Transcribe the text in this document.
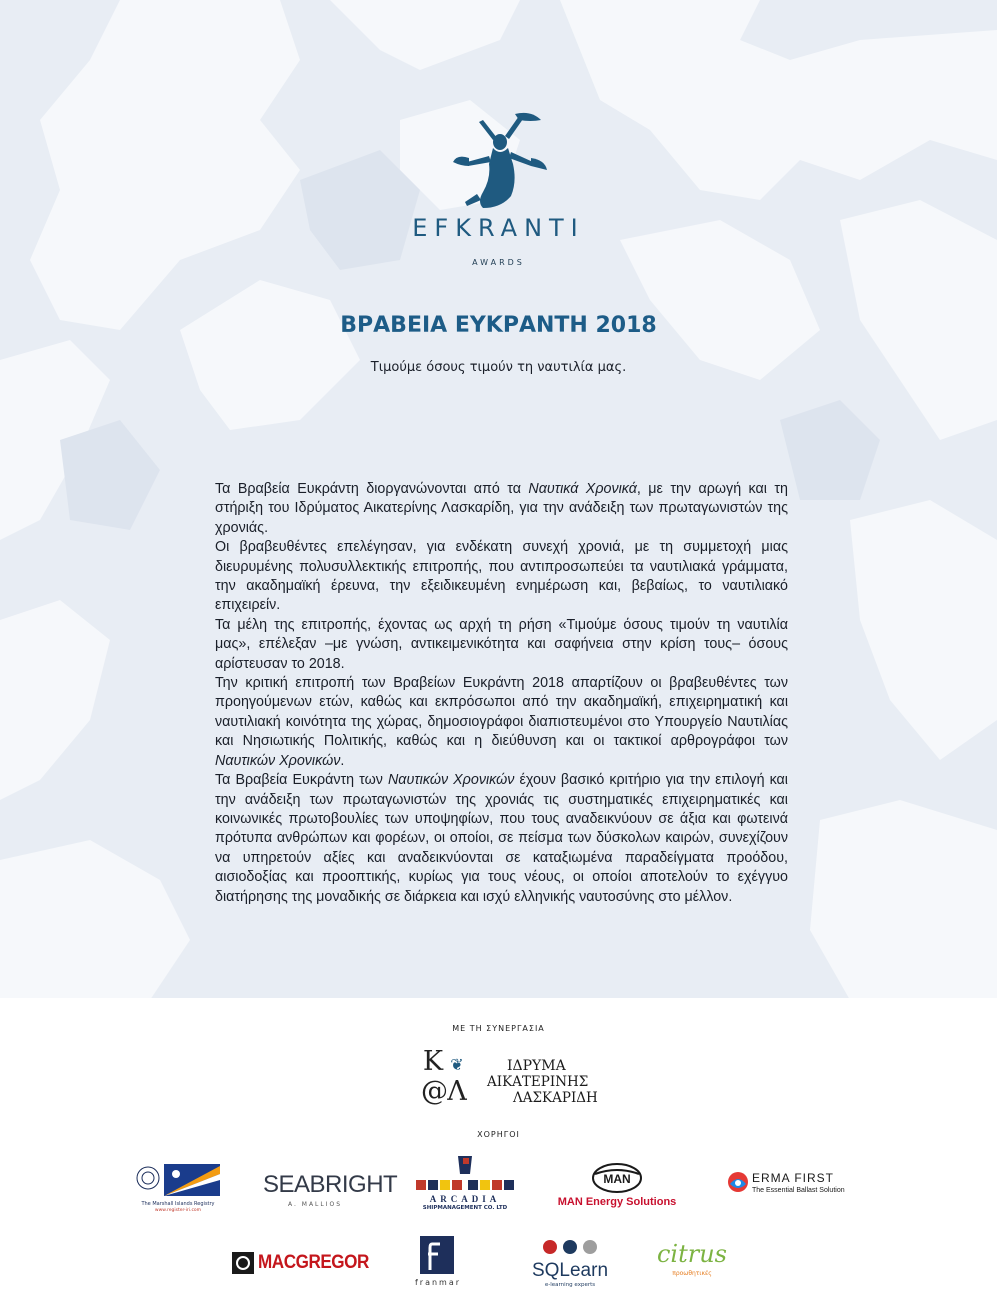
EFKRANTI
AWARDS
ΒΡΑΒΕΙΑ ΕΥΚΡΑΝΤΗ 2018
Τιμούμε όσους τιμούν τη ναυτιλία μας.

Τα Βραβεία Ευκράντη διοργανώνονται από τα Ναυτικά Χρονικά, με την αρωγή και τη στήριξη του Ιδρύματος Αικατερίνης Λασκαρίδη, για την ανάδειξη των πρωταγωνιστών της χρονιάς.

Οι βραβευθέντες επελέγησαν, για ενδέκατη συνεχή χρονιά, με τη συμμετοχή μιας διευρυμένης πολυσυλλεκτικής επιτροπής, που αντιπροσωπεύει τα ναυτιλιακά γράμματα, την ακαδημαϊκή έρευνα, την εξειδικευμένη ενημέρωση και, βεβαίως, το ναυτιλιακό επιχειρείν.

Τα μέλη της επιτροπής, έχοντας ως αρχή τη ρήση «Τιμούμε όσους τιμούν τη ναυτιλία μας», επέλεξαν –με γνώση, αντικειμενικότητα και σαφήνεια στην κρίση τους– όσους αρίστευσαν το 2018.

Την κριτική επιτροπή των Βραβείων Ευκράντη 2018 απαρτίζουν οι βραβευθέντες των προηγούμενων ετών, καθώς και εκπρόσωποι από την ακαδημαϊκή, επιχειρηματική και ναυτιλιακή κοινότητα της χώρας, δημοσιογράφοι διαπιστευμένοι στο Υπουργείο Ναυτιλίας και Νησιωτικής Πολιτικής, καθώς και η διεύθυνση και οι τακτικοί αρθρογράφοι των Ναυτικών Χρονικών.

Τα Βραβεία Ευκράντη των Ναυτικών Χρονικών έχουν βασικό κριτήριο για την επιλογή και την ανάδειξη των πρωταγωνιστών της χρονιάς τις συστηματικές επιχειρηματικές και κοινωνικές πρωτοβουλίες των υποψηφίων, που τους αναδεικνύουν σε άξια και φωτεινά πρότυπα ανθρώπων και φορέων, οι οποίοι, σε πείσμα των δύσκολων καιρών, συνεχίζουν να υπηρετούν αξίες και αναδεικνύονται σε καταξιωμένα παραδείγματα προόδου, αισιοδοξίας και προοπτικής, κυρίως για τους νέους, οι οποίοι αποτελούν το εχέγγυο διατήρησης της μοναδικής σε διάρκεια και ισχύ ελληνικής ναυτοσύνης στο μέλλον.

ΜΕ ΤΗ ΣΥΝΕΡΓΑΣΙΑ
Κ ❦
@Λ
ΙΔΡΥΜΑ
ΑΙΚΑΤΕΡΙΝΗΣ
ΛΑΣΚΑΡΙΔΗ
ΧΟΡΗΓΟΙ
The Marshall Islands Registry
www.register-iri.com
SEABRIGHT
A. MALLIOS
ARCADIA
SHIPMANAGEMENT CO. LTD
MAN
MAN Energy Solutions
ERMA FIRST
The Essential Ballast Solution
MACGREGOR
franmar
SQLearn
e-learning experts
citrus
προωθητικές
